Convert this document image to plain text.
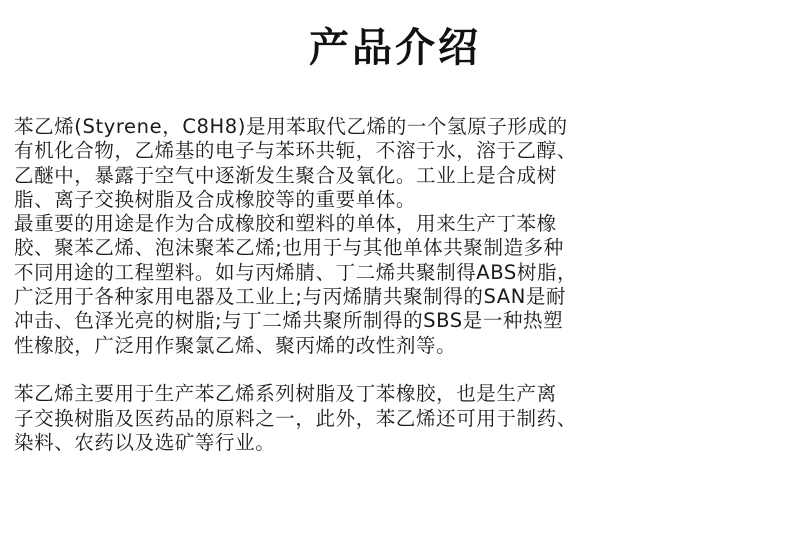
产品介绍
苯乙烯(Styrene，C8H8)是用苯取代乙烯的一个氢原子形成的
有机化合物，乙烯基的电子与苯环共轭，不溶于水，溶于乙醇、
乙醚中，暴露于空气中逐渐发生聚合及氧化。工业上是合成树
脂、离子交换树脂及合成橡胶等的重要单体。
最重要的用途是作为合成橡胶和塑料的单体，用来生产丁苯橡
胶、聚苯乙烯、泡沫聚苯乙烯;也用于与其他单体共聚制造多种
不同用途的工程塑料。如与丙烯腈、丁二烯共聚制得ABS树脂，
广泛用于各种家用电器及工业上;与丙烯腈共聚制得的SAN是耐
冲击、色泽光亮的树脂;与丁二烯共聚所制得的SBS是一种热塑
性橡胶，广泛用作聚氯乙烯、聚丙烯的改性剂等。
苯乙烯主要用于生产苯乙烯系列树脂及丁苯橡胶，也是生产离
子交换树脂及医药品的原料之一，此外，苯乙烯还可用于制药、
染料、农药以及选矿等行业。
